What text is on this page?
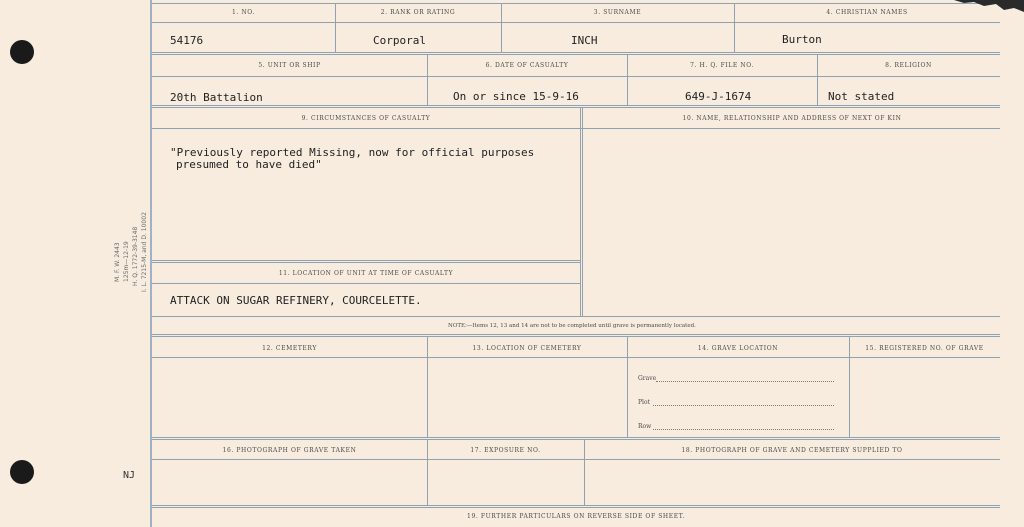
M. F. W. 2443 125m—12-19 H. Q. 1772-39-3148 I. L. 7215-M, and D. 10002
NJ
1. NO.	2. RANK OR RATING	3. SURNAME	4. CHRISTIAN NAMES
54176	Corporal	INCH	Burton
5. UNIT OR SHIP	6. DATE OF CASUALTY	7. H. Q. FILE NO.	8. RELIGION
20th Battalion	On or since 15-9-16	649-J-1674	Not stated
9. CIRCUMSTANCES OF CASUALTY	10. NAME, RELATIONSHIP AND ADDRESS OF NEXT OF KIN
"Previously reported Missing, now for official purposes
presumed to have died"
11. LOCATION OF UNIT AT TIME OF CASUALTY
ATTACK ON SUGAR REFINERY, COURCELETTE.
NOTE:—Items 12, 13 and 14 are not to be completed until grave is permanently located.
12. CEMETERY	13. LOCATION OF CEMETERY	14. GRAVE LOCATION	15. REGISTERED NO. OF GRAVE
Grave
Plot
Row
16. PHOTOGRAPH OF GRAVE TAKEN	17. EXPOSURE NO.	18. PHOTOGRAPH OF GRAVE AND CEMETERY SUPPLIED TO
19. FURTHER PARTICULARS ON REVERSE SIDE OF SHEET.
